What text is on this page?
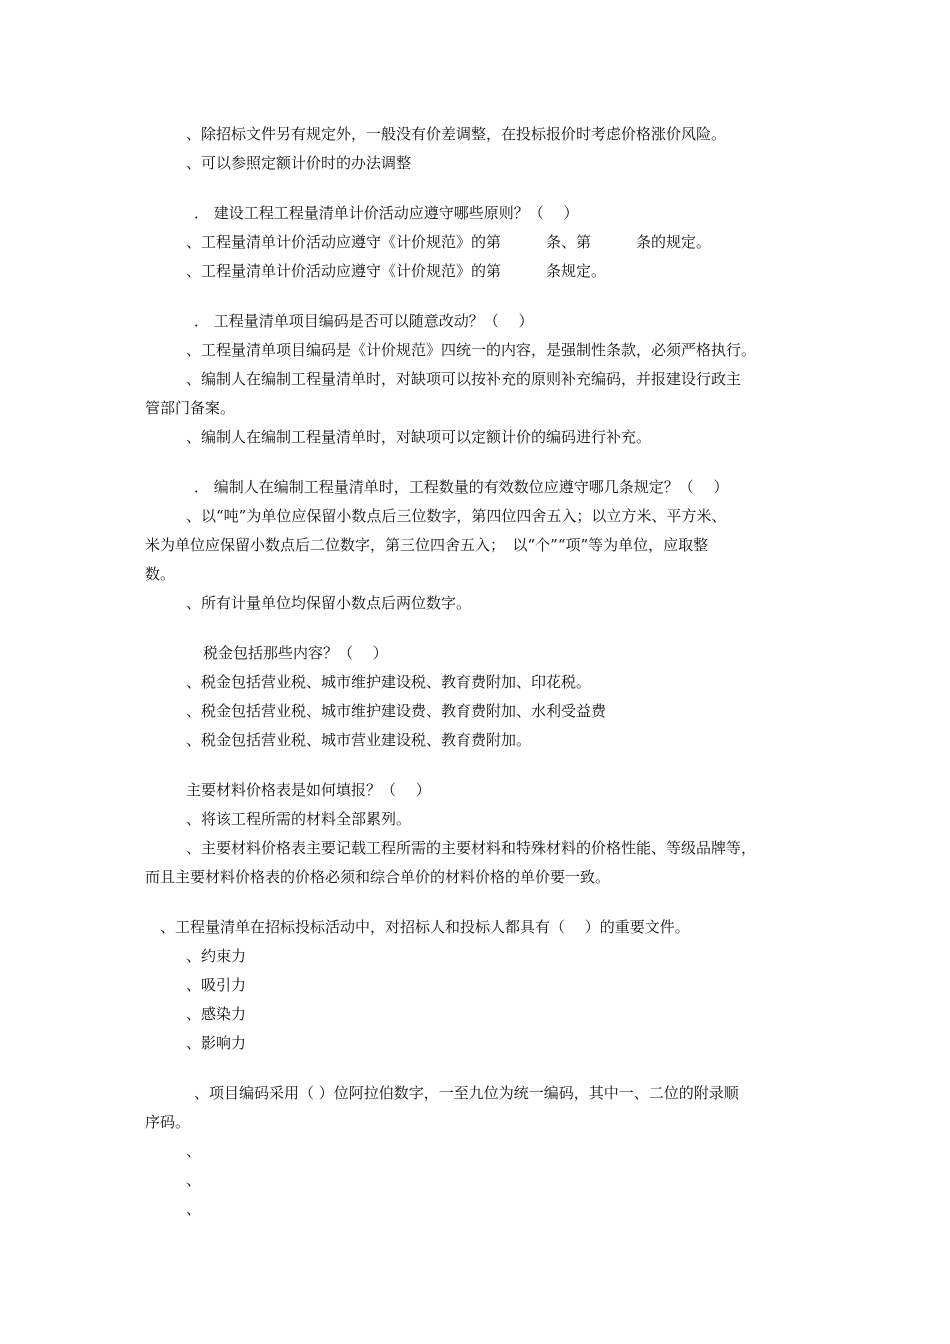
、除招标文件另有规定外，一般没有价差调整，在投标报价时考虑价格涨价风险。
、可以参照定额计价时的办法调整
． 建设工程工程量清单计价活动应遵守哪些原则？（　 ）
、工程量清单计价活动应遵守《计价规范》的第　　　条、第　　　条的规定。
、工程量清单计价活动应遵守《计价规范》的第　　　条规定。
． 工程量清单项目编码是否可以随意改动？（　 ）
、工程量清单项目编码是《计价规范》四统一的内容，是强制性条款，必须严格执行。
、编制人在编制工程量清单时，对缺项可以按补充的原则补充编码，并报建设行政主
管部门备案。
、编制人在编制工程量清单时，对缺项可以定额计价的编码进行补充。
． 编制人在编制工程量清单时，工程数量的有效数位应遵守哪几条规定？（　 ）
、以“吨”为单位应保留小数点后三位数字，第四位四舍五入；以立方米、平方米、
米为单位应保留小数点后二位数字，第三位四舍五入；　以“个”“项”等为单位，应取整
数。
、所有计量单位均保留小数点后两位数字。
税金包括那些内容？（　 ）
、税金包括营业税、城市维护建设税、教育费附加、印花税。
、税金包括营业税、城市维护建设费、教育费附加、水利受益费
、税金包括营业税、城市营业建设税、教育费附加。
主要材料价格表是如何填报？（　 ）
、将该工程所需的材料全部累列。
、主要材料价格表主要记载工程所需的主要材料和特殊材料的价格性能、等级品牌等，
而且主要材料价格表的价格必须和综合单价的材料价格的单价要一致。
、工程量清单在招标投标活动中，对招标人和投标人都具有（　 ）的重要文件。
、约束力
、吸引力
、感染力
、影响力
、项目编码采用（ ）位阿拉伯数字，一至九位为统一编码，其中一、二位的附录顺
序码。
、
、
、
